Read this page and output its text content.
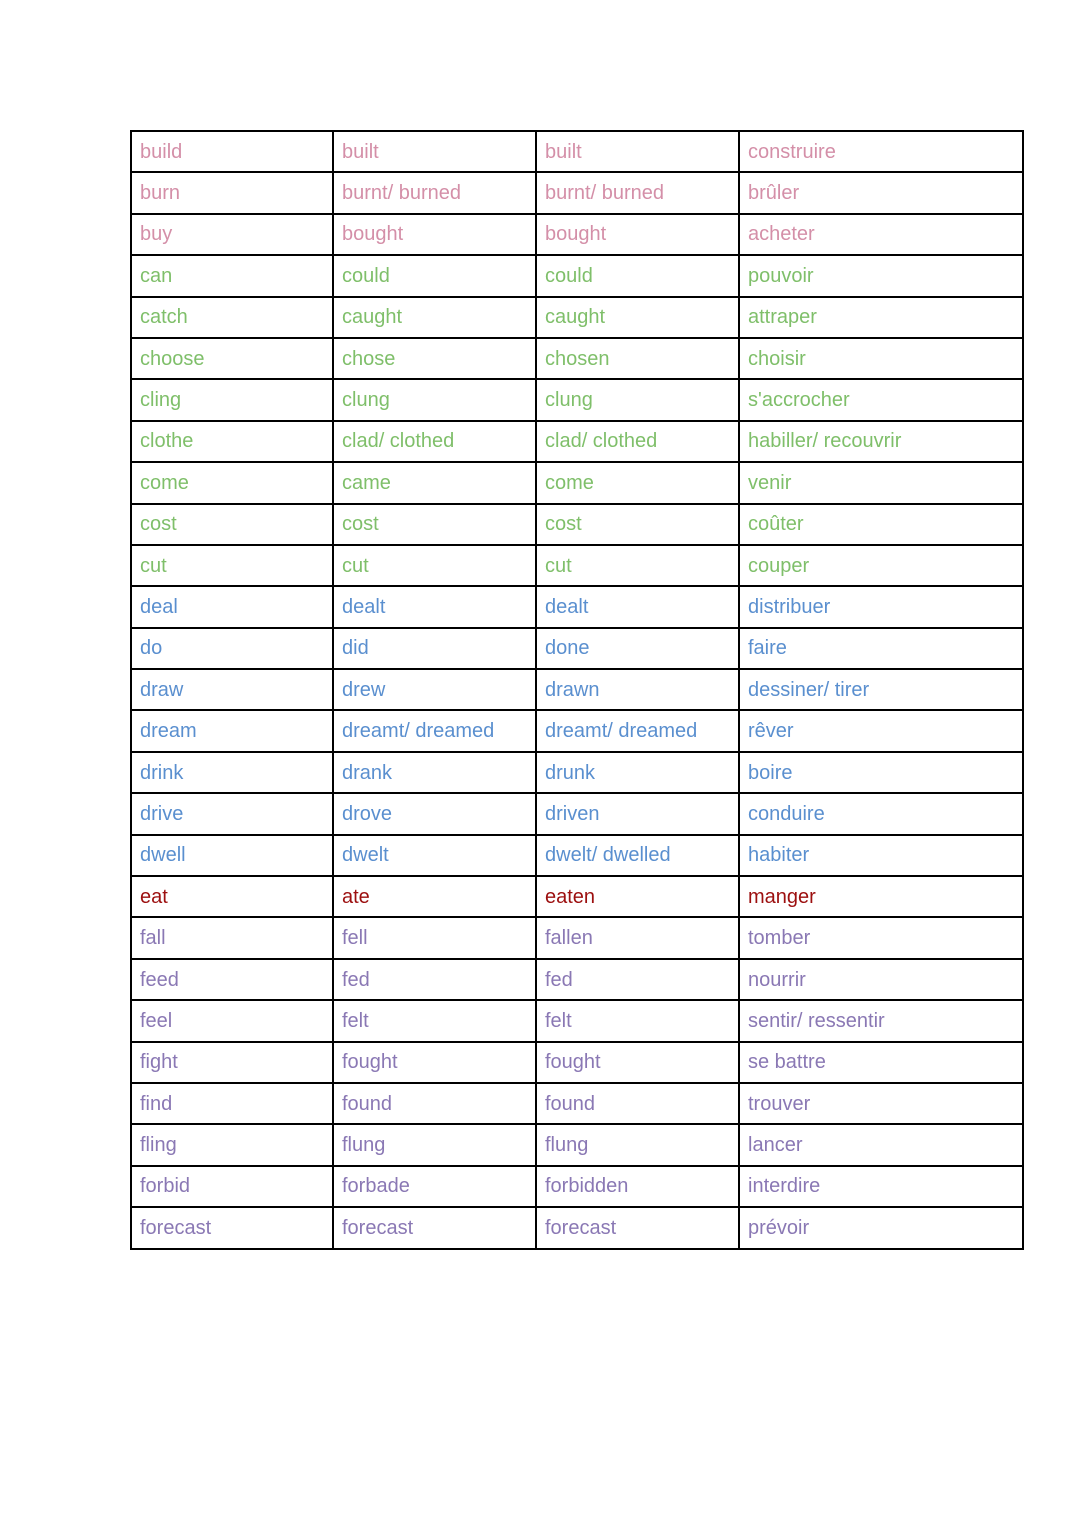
build	built	built	construire
burn	burnt/ burned	burnt/ burned	brûler
buy	bought	bought	acheter
can	could	could	pouvoir
catch	caught	caught	attraper
choose	chose	chosen	choisir
cling	clung	clung	s'accrocher
clothe	clad/ clothed	clad/ clothed	habiller/ recouvrir
come	came	come	venir
cost	cost	cost	coûter
cut	cut	cut	couper
deal	dealt	dealt	distribuer
do	did	done	faire
draw	drew	drawn	dessiner/ tirer
dream	dreamt/ dreamed	dreamt/ dreamed	rêver
drink	drank	drunk	boire
drive	drove	driven	conduire
dwell	dwelt	dwelt/ dwelled	habiter
eat	ate	eaten	manger
fall	fell	fallen	tomber
feed	fed	fed	nourrir
feel	felt	felt	sentir/ ressentir
fight	fought	fought	se battre
find	found	found	trouver
fling	flung	flung	lancer
forbid	forbade	forbidden	interdire
forecast	forecast	forecast	prévoir
